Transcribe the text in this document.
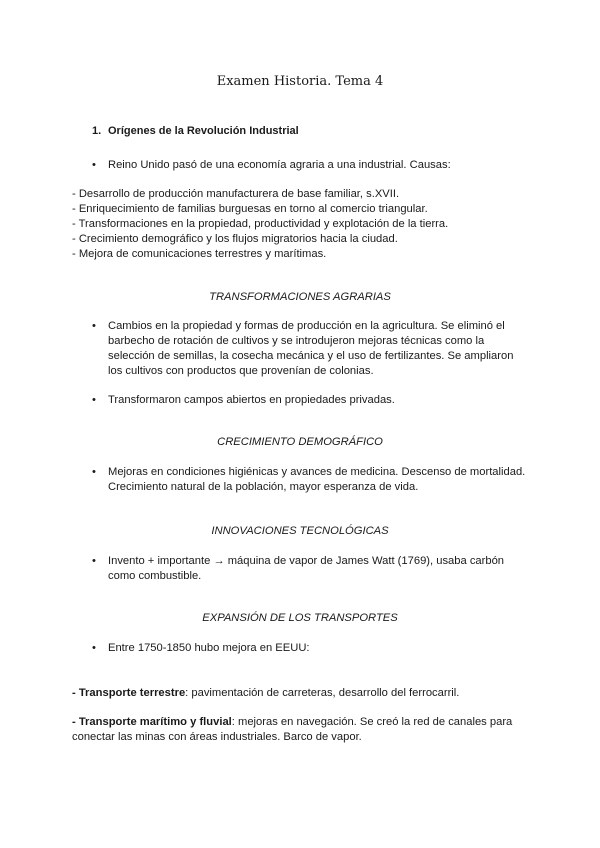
Examen Historia. Tema 4
1. Orígenes de la Revolución Industrial
• Reino Unido pasó de una economía agraria a una industrial. Causas:
- Desarrollo de producción manufacturera de base familiar, s.XVII.
- Enriquecimiento de familias burguesas en torno al comercio triangular.
- Transformaciones en la propiedad, productividad y explotación de la tierra.
- Crecimiento demográfico y los flujos migratorios hacia la ciudad.
- Mejora de comunicaciones terrestres y marítimas.
TRANSFORMACIONES AGRARIAS
• Cambios en la propiedad y formas de producción en la agricultura. Se eliminó el barbecho de rotación de cultivos y se introdujeron mejoras técnicas como la selección de semillas, la cosecha mecánica y el uso de fertilizantes. Se ampliaron los cultivos con productos que provenían de colonias.
• Transformaron campos abiertos en propiedades privadas.
CRECIMIENTO DEMOGRÁFICO
• Mejoras en condiciones higiénicas y avances de medicina. Descenso de mortalidad. Crecimiento natural de la población, mayor esperanza de vida.
INNOVACIONES TECNOLÓGICAS
• Invento + importante → máquina de vapor de James Watt (1769), usaba carbón como combustible.
EXPANSIÓN DE LOS TRANSPORTES
• Entre 1750-1850 hubo mejora en EEUU:
- Transporte terrestre: pavimentación de carreteras, desarrollo del ferrocarril.
- Transporte marítimo y fluvial: mejoras en navegación. Se creó la red de canales para conectar las minas con áreas industriales. Barco de vapor.
